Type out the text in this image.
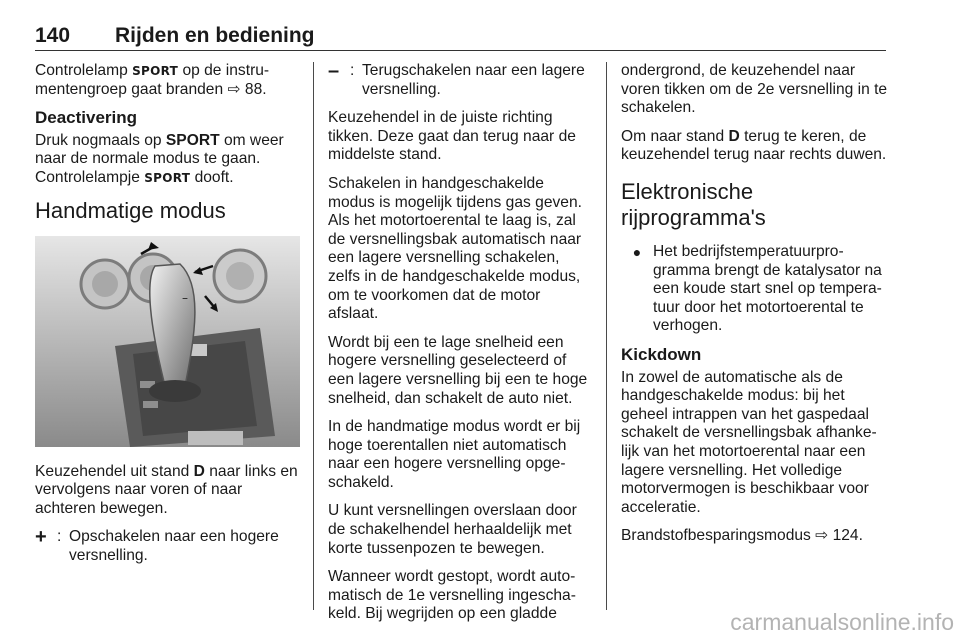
140 Rijden en bediening

Controlelamp SPORT op de instru-mentengroep gaat branden ⇨ 88.

Deactivering

Druk nogmaals op SPORT om weer naar de normale modus te gaan. Controlelampje SPORT dooft.

Handmatige modus
–

Keuzehendel uit stand D naar links en vervolgens naar voren of naar achteren bewegen.

+ : Opschakelen naar een hogere versnelling.
– : Terugschakelen naar een lagere versnelling.

Keuzehendel in de juiste richting tikken. Deze gaat dan terug naar de middelste stand.

Schakelen in handgeschakelde modus is mogelijk tijdens gas geven. Als het motortoerental te laag is, zal de versnellingsbak automatisch naar een lagere versnelling schakelen, zelfs in de handgeschakelde modus, om te voorkomen dat de motor afslaat.

Wordt bij een te lage snelheid een hogere versnelling geselecteerd of een lagere versnelling bij een te hoge snelheid, dan schakelt de auto niet.

In de handmatige modus wordt er bij hoge toerentallen niet automatisch naar een hogere versnelling opge-schakeld.

U kunt versnellingen overslaan door de schakelhendel herhaaldelijk met korte tussenpozen te bewegen.

Wanneer wordt gestopt, wordt auto-matisch de 1e versnelling ingescha-keld. Bij wegrijden op een gladde

ondergrond, de keuzehendel naar voren tikken om de 2e versnelling in te schakelen.

Om naar stand D terug te keren, de keuzehendel terug naar rechts duwen.

Elektronische rijprogramma's
● Het bedrijfstemperatuurpro-gramma brengt de katalysator na een koude start snel op tempera-tuur door het motortoerental te verhogen.
Kickdown

In zowel de automatische als de handgeschakelde modus: bij het geheel intrappen van het gaspedaal schakelt de versnellingsbak afhanke-lijk van het motortoerental naar een lagere versnelling. Het volledige motorvermogen is beschikbaar voor acceleratie.

Brandstofbesparingsmodus ⇨ 124.

carmanualsonline.info
